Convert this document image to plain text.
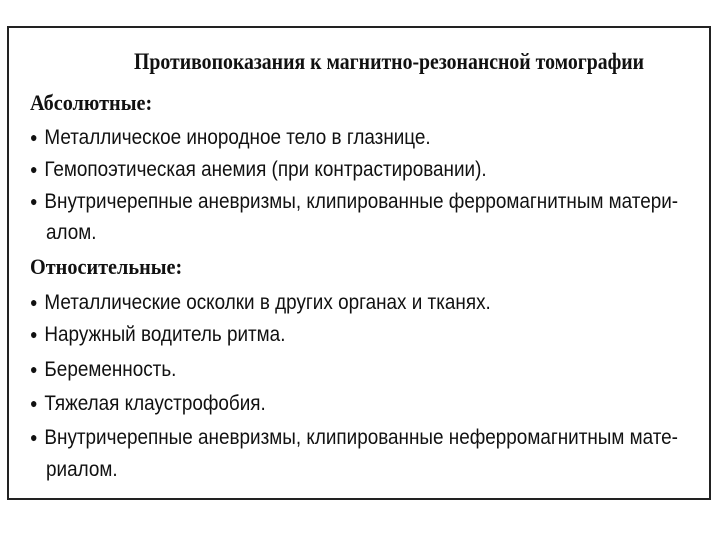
Противопоказания к магнитно-резонансной томографии
Абсолютные:
● Металлическое инородное тело в глазнице.
● Гемопоэтическая анемия (при контрастировании).
● Внутричерепные аневризмы, клипированные ферромагнитным матери-
алом.
Относительные:
● Металлические осколки в других органах и тканях.
● Наружный водитель ритма.
● Беременность.
● Тяжелая клаустрофобия.
● Внутричерепные аневризмы, клипированные неферромагнитным мате-
риалом.
